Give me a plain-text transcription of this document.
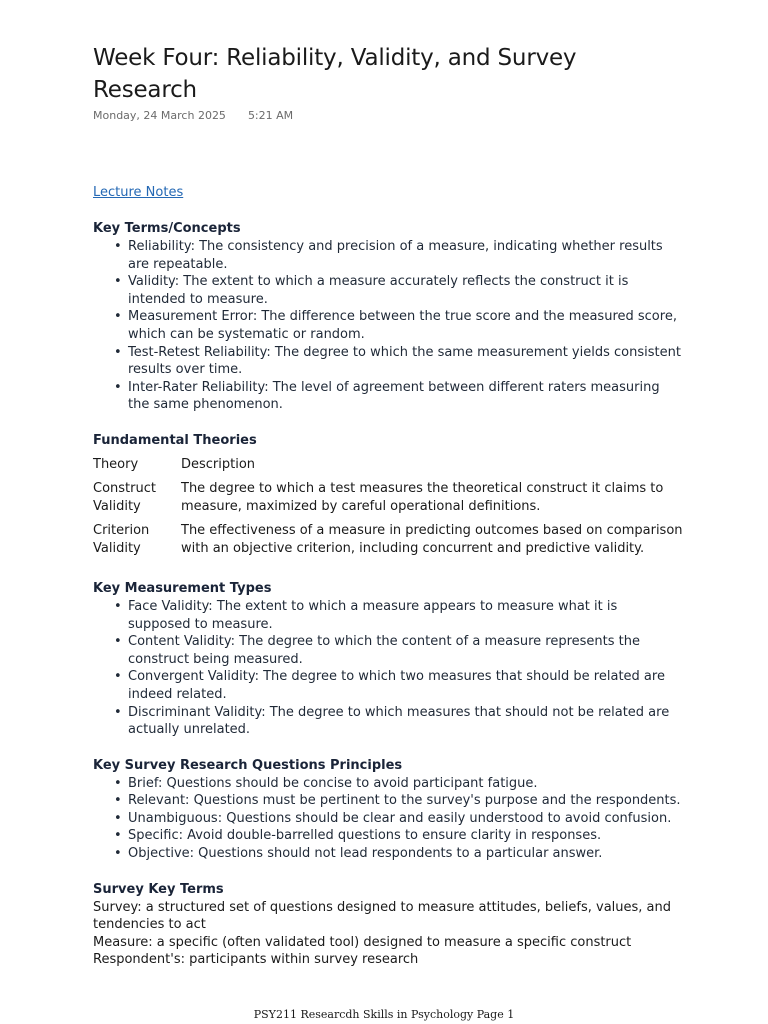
Week Four: Reliability, Validity, and Survey Research
Monday, 24 March 2025 5:21 AM
Lecture Notes
Key Terms/Concepts
• Reliability: The consistency and precision of a measure, indicating whether results are repeatable.
• Validity: The extent to which a measure accurately reflects the construct it is intended to measure.
• Measurement Error: The difference between the true score and the measured score, which can be systematic or random.
• Test-Retest Reliability: The degree to which the same measurement yields consistent results over time.
• Inter-Rater Reliability: The level of agreement between different raters measuring the same phenomenon.
Fundamental Theories
Theory	Description
Construct Validity	The degree to which a test measures the theoretical construct it claims to measure, maximized by careful operational definitions.
Criterion Validity	The effectiveness of a measure in predicting outcomes based on comparison with an objective criterion, including concurrent and predictive validity.
Key Measurement Types
• Face Validity: The extent to which a measure appears to measure what it is supposed to measure.
• Content Validity: The degree to which the content of a measure represents the construct being measured.
• Convergent Validity: The degree to which two measures that should be related are indeed related.
• Discriminant Validity: The degree to which measures that should not be related are actually unrelated.
Key Survey Research Questions Principles
• Brief: Questions should be concise to avoid participant fatigue.
• Relevant: Questions must be pertinent to the survey's purpose and the respondents.
• Unambiguous: Questions should be clear and easily understood to avoid confusion.
• Specific: Avoid double-barrelled questions to ensure clarity in responses.
• Objective: Questions should not lead respondents to a particular answer.
Survey Key Terms
Survey: a structured set of questions designed to measure attitudes, beliefs, values, and tendencies to act
Measure: a specific (often validated tool) designed to measure a specific construct
Respondent's: participants within survey research
PSY211 Researcdh Skills in Psychology Page 1
